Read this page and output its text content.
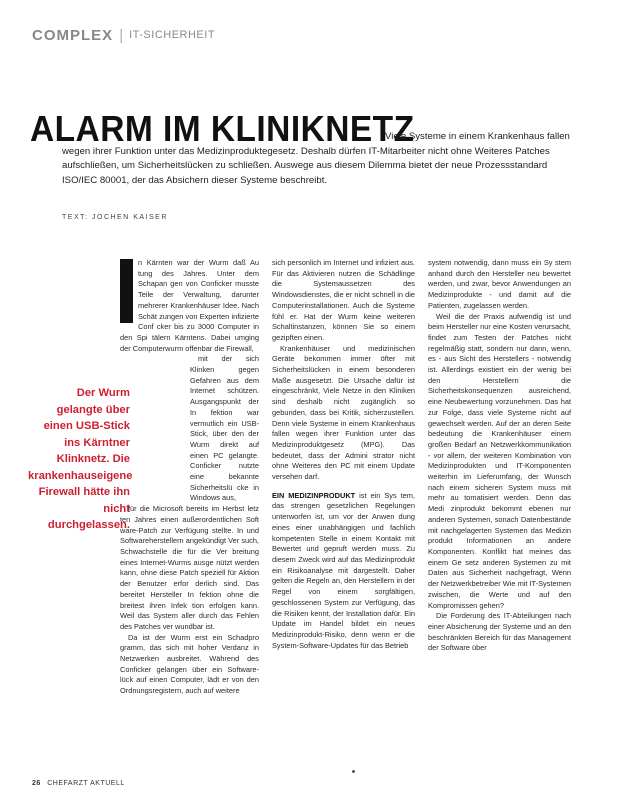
COMPLEX | IT-SICHERHEIT
ALARM IM KLINIKNETZ
Viele Systeme in einem Krankenhaus fallen
wegen ihrer Funktion unter das Medizinproduktegesetz. Deshalb dürfen IT-Mitarbeiter nicht ohne Weiteres Patches aufschließen, um Sicherheitslücken zu schließen. Auswege aus diesem Dilemma bietet der neue Prozessstandard ISO/IEC 80001, der das Absichern dieser Systeme beschreibt.
TEXT: JOCHEN KAISER
Der Wurm gelangte über einen USB-Stick ins Kärntner Klinknetz. Die krankenhauseigene Firewall hätte ihn nicht durchgelassen.

n Kärnten war der Wurm daß Au tung des Jahres. Unter dem Schapan gen von Conficker musste Teile der Verwaltung, darunter mehrerer Krankenhäuser Idee. Nach Schät zungen von Experten infizierte Conf cker bis zu 3000 Computer in den Spi tälern Kärntens. Dabei umging der Computerwurm offenbar die Firewall,

mit der sich Klinken gegen Gefahren aus dem Internet schützen. Ausgangspunkt der In fektion war vermutlich ein USB-Stick, über den der Wurm direkt auf einen PC gelangte. Conficker nutzte eine bekannte Sicherheitslü cke in Windows aus,

für die Microsoft bereits im Herbst letz ten Jahres einen außerordentlichen Soft ware-Patch zur Verfügung stellte. In und Softwareherstellern angekündigt Ver such, Schwachstelle die für die Ver breitung eines Internet-Wurms ausge nützt werden kann, ohne diese Patch speziell für Aktion der Benutzer erfor derlich sind. Das bereitet Hersteller In fektion ohne die breitest ihren Infek tion erfolgen kann. Weil das System aller durch das Fehlen des Patches ver wundbar ist.

Da ist der Wurm erst ein Schadpro gramm, das sich mit hoher Verdanz in Netzwerken ausbreitet. Während des Conficker gelangen über ein Software- lück auf einen Computer, lädt er von den Ordnungsregistern, auch auf weitere

sich personlich im Internet und infiziert aus. Für das Aktivieren nutzen die Schädlinge die Systemaussetzen des Windowsdienstes, die er nicht schnell in die Computerinstallationen. Auch die Systeme fühl er. Hat der Wurm keine weiteren Schaltinstanzen, können Sie so einem gezipften einen.

Krankenhäuser und medizinischen Geräte bekommen immer öfter mit Sicherheitslücken in einem besonderen Maße ausgesetzt. Die Ursache dafür ist eingeschränkt, Viele Netze in den Kliniken sind deshalb nicht zugänglich so gebunden, dass bei Kritik, sicherzustellen. Denn viele Systeme in einem Krankenhaus fallen wegen ihrer Funktion unter das Medizinproduktgesetz (MPG). Das bedeutet, dass der Admini strator nicht ohne Weiteres den PC mit einem Update versehen darf.

EIN MEDIZINPRODUKT ist ein Sys tem, das strengen gesetzlichen Regelungen unterworfen ist, um vor der Anwen dung eines einer unabhängigen und fachlich kompetenten Stelle in einem Kontakt mit Bewertet und gepruft werden muss. Zu diesem Zweck wird auf das Medizinprodukt ein Risikoanalyse mit dargestellt. Daher gelten die Regeln an, den Herstellern in der Regel von einem sorgfältigen, geschlossenen System zur Verfügung, das die Risiken kennt, der Installation dafür. Ein Update im Handel bildet ein neues Medizinprodukt-Risiko, denn wenn er die System-Software-Updates für das Betrieb

system notwendig, dann muss ein Sy stem anhand durch den Hersteller neu bewertet werden, und zwar, bevor Anwendungen an Medizinprodukte - und damit auf die Patienten, zugelassen werden.

Weil die der Praxis aufwendig ist und beim Hersteller nur eine Kosten verursacht, findet zum Testen der Patches nicht regelmäßig statt, sondern nur dann, wenn, es - aus Sicht des Herstellers - notwendig ist. Allerdings existiert ein der wenig bei den Herstellern die Sicherheitskonsequenzen ausreichend, eine Neubewertung vorzunehmen. Das hat zur Folge, dass viele Systeme nicht auf gewechselt werden. Auf der an deren Seite bedeutung die Krankenhäuser einem großen Bedarf an Netzwerkkommunikation - vor allem, der weiteren Kombination von Medizinprodukten und IT-Komponenten weiterhin im Lieferumfang, der Wunsch nach einem sicheren System muss mit mehr au tomatisiert werden. Denn das Medi zinprodukt bekommt ebenen nur anderen Systemen, sonach Datenbestände mit nachgelagerten Systemen das Medizin produkt Informationen an andere Komponenten. Konflikt hat meines das einem Ge setz anderen Systemen zu mit Daten aus Sicherheit nachgefragt, Wenn der Netzwerkbetreiber Wie mit IT-Systemen zwischen, die Werte und auf den Kompromissen gehen?

Die Forderung des IT-Abteilungen nach einer Absicherung der Systeme und an den beschränkten Bereich für das Management der Software über

26 CHEFARZT AKTUELL
